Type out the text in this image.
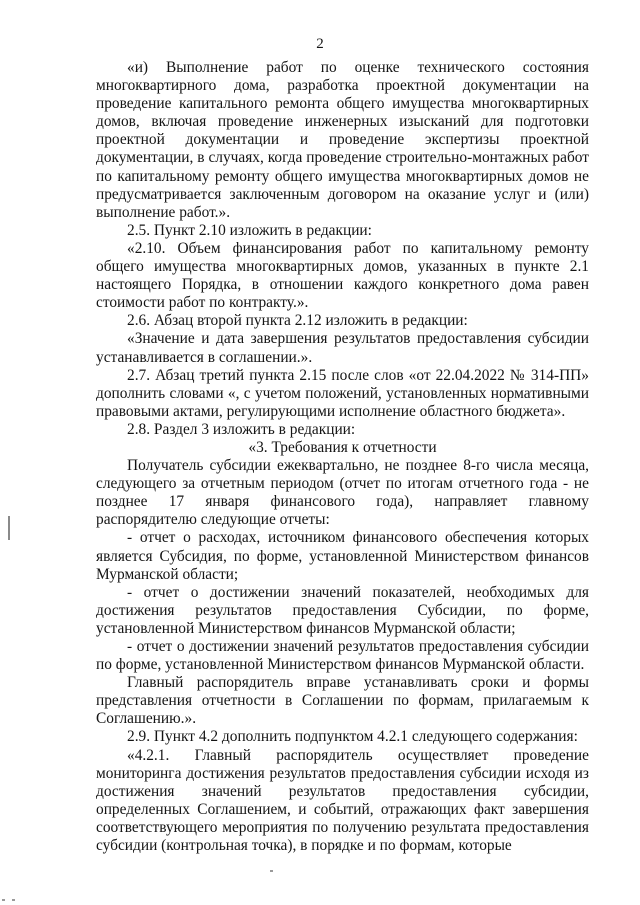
2

«и) Выполнение работ по оценке технического состояния многоквартирного дома, разработка проектной документации на проведение капитального ремонта общего имущества многоквартирных домов, включая проведение инженерных изысканий для подготовки проектной документации и проведение экспертизы проектной документации, в случаях, когда проведение строительно-монтажных работ по капитальному ремонту общего имущества многоквартирных домов не предусматривается заключенным договором на оказание услуг и (или) выполнение работ.».

2.5. Пункт 2.10 изложить в редакции:

«2.10. Объем финансирования работ по капитальному ремонту общего имущества многоквартирных домов, указанных в пункте 2.1 настоящего Порядка, в отношении каждого конкретного дома равен стоимости работ по контракту.».

2.6. Абзац второй пункта 2.12 изложить в редакции:

«Значение и дата завершения результатов предоставления субсидии устанавливается в соглашении.».

2.7. Абзац третий пункта 2.15 после слов «от 22.04.2022 № 314-ПП» дополнить словами «, с учетом положений, установленных нормативными правовыми актами, регулирующими исполнение областного бюджета».

2.8. Раздел 3 изложить в редакции:

«3. Требования к отчетности

Получатель субсидии ежеквартально, не позднее 8-го числа месяца, следующего за отчетным периодом (отчет по итогам отчетного года - не позднее 17 января финансового года), направляет главному распорядителю следующие отчеты:

- отчет о расходах, источником финансового обеспечения которых является Субсидия, по форме, установленной Министерством финансов Мурманской области;

- отчет о достижении значений показателей, необходимых для достижения результатов предоставления Субсидии, по форме, установленной Министерством финансов Мурманской области;

- отчет о достижении значений результатов предоставления субсидии по форме, установленной Министерством финансов Мурманской области.

Главный распорядитель вправе устанавливать сроки и формы представления отчетности в Соглашении по формам, прилагаемым к Соглашению.».

2.9. Пункт 4.2 дополнить подпунктом 4.2.1 следующего содержания:

«4.2.1. Главный распорядитель осуществляет проведение мониторинга достижения результатов предоставления субсидии исходя из достижения значений результатов предоставления субсидии, определенных Соглашением, и событий, отражающих факт завершения соответствующего мероприятия по получению результата предоставления субсидии (контрольная точка), в порядке и по формам, которые
